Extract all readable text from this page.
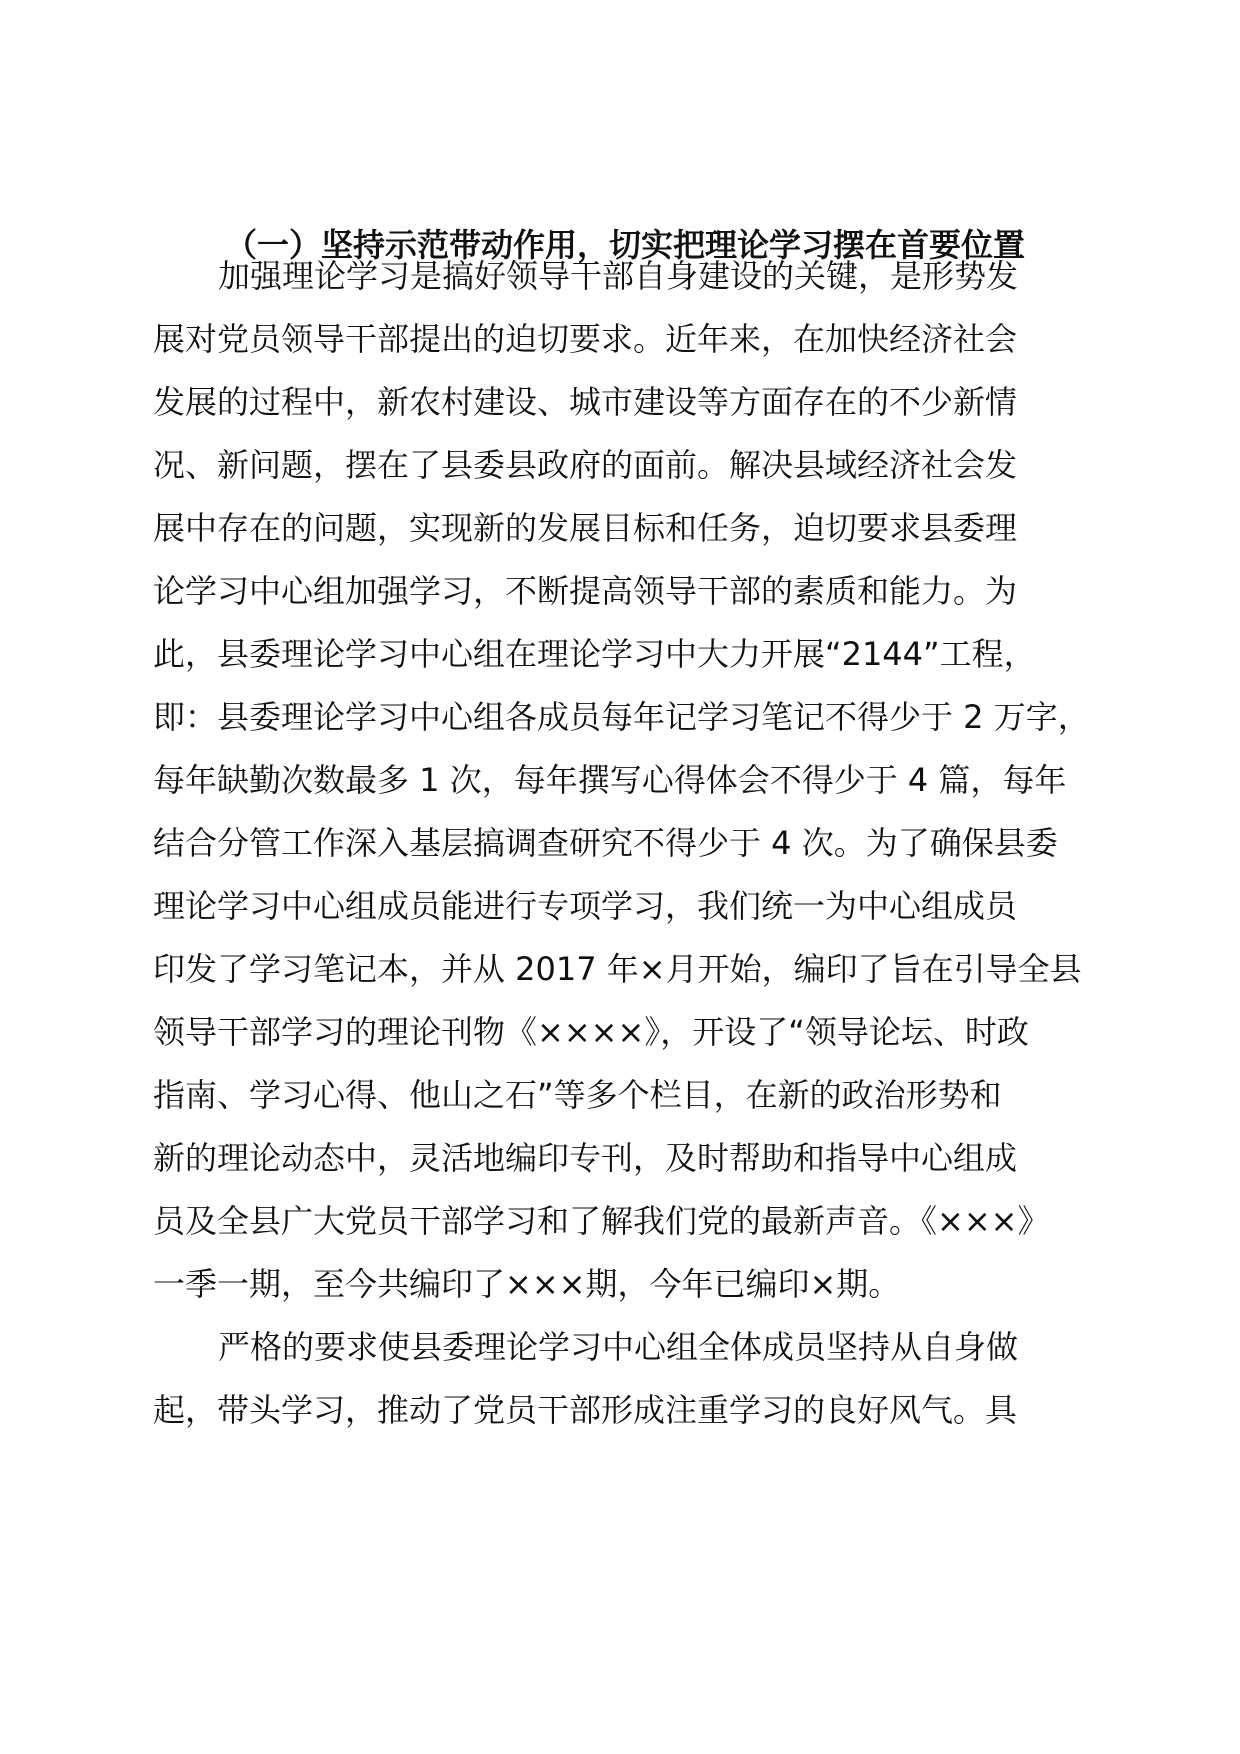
（一）坚持示范带动作用，切实把理论学习摆在首要位置

加强理论学习是搞好领导干部自身建设的关键，是形势发

展对党员领导干部提出的迫切要求。近年来，在加快经济社会

发展的过程中，新农村建设、城市建设等方面存在的不少新情

况、新问题，摆在了县委县政府的面前。解决县域经济社会发

展中存在的问题，实现新的发展目标和任务，迫切要求县委理

论学习中心组加强学习，不断提高领导干部的素质和能力。为

此，县委理论学习中心组在理论学习中大力开展“2144”工程，

即：县委理论学习中心组各成员每年记学习笔记不得少于 2 万字，

每年缺勤次数最多 1 次，每年撰写心得体会不得少于 4 篇，每年

结合分管工作深入基层搞调查研究不得少于 4 次。为了确保县委

理论学习中心组成员能进行专项学习，我们统一为中心组成员

印发了学习笔记本，并从 2017 年×月开始，编印了旨在引导全县

领导干部学习的理论刊物《××××》，开设了“领导论坛、时政

指南、学习心得、他山之石”等多个栏目，在新的政治形势和

新的理论动态中，灵活地编印专刊，及时帮助和指导中心组成

员及全县广大党员干部学习和了解我们党的最新声音。《×××》

一季一期，至今共编印了×××期，今年已编印×期。

严格的要求使县委理论学习中心组全体成员坚持从自身做

起，带头学习，推动了党员干部形成注重学习的良好风气。具
